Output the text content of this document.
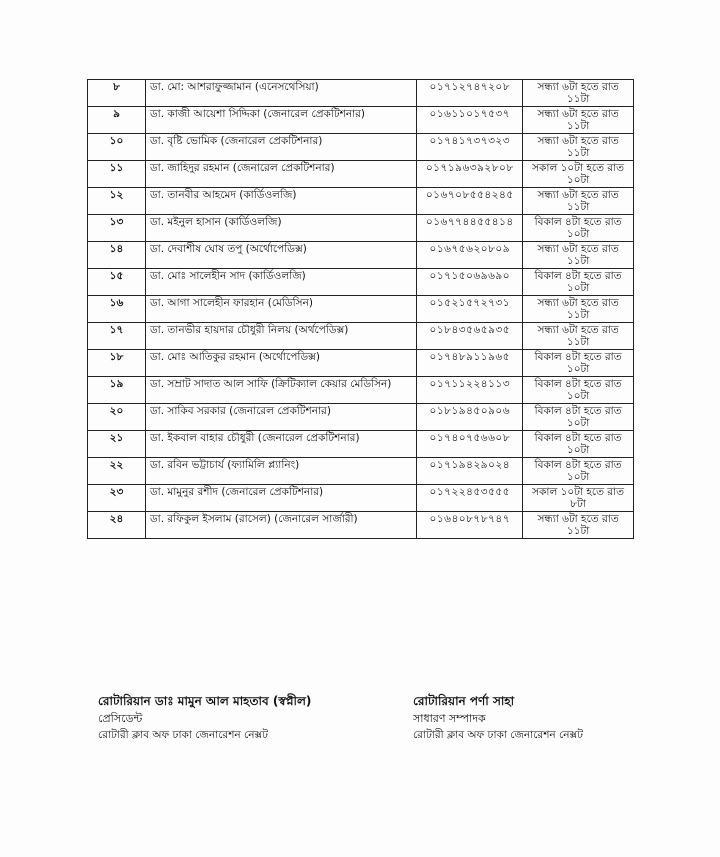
৮	ডা. মো: আশরাফুজ্জামান (এনেসথেসিয়া)	০১৭১২৭৪৭২০৮	সন্ধ্যা ৬টা হতে রাত ১১টা
৯	ডা. কাজী আয়েশা সিদ্দিকা (জেনারেল প্রেকটিশনার)	০১৬১১০১৭৫৩৭	সন্ধ্যা ৬টা হতে রাত ১১টা
১০	ডা. বৃষ্টি ভোমিক (জেনারেল প্রেকটিশনার)	০১৭৪১৭৩৭৩২৩	সন্ধ্যা ৬টা হতে রাত ১১টা
১১	ডা. জাহিদুর রহমান (জেনারেল প্রেকটিশনার)	০১৭১৯৬৩৯২৮০৮	সকাল ১০টা হতে রাত ১০টা
১২	ডা. তানবীর আহমেদ (কার্ডিওলজি)	০১৬৭০৮৫৫৪২৪৫	সন্ধ্যা ৬টা হতে রাত ১১টা
১৩	ডা. মইনুল হাসান (কার্ডিওলজি)	০১৬৭৭৪৪৫৫৪১৪	বিকাল ৪টা হতে রাত ১০টা
১৪	ডা. দেবাশীষ ঘোষ তপু (অর্থোপেডিক্স)	০১৬৭৫৬২০৮০৯	সন্ধ্যা ৬টা হতে রাত ১১টা
১৫	ডা. মোঃ সালেহীন সাদ (কার্ডিওলজি)	০১৭১৫০৬৯৬৯০	বিকাল ৪টা হতে রাত ১০টা
১৬	ডা. আগা সালেহীন ফারহান (মেডিসিন)	০১৫২১৫৭২৭৩১	সন্ধ্যা ৬টা হতে রাত ১১টা
১৭	ডা. তানভীর হায়দার চৌধুরী নিলয় (অর্থপেডিক্স)	০১৮৪৩৫৬৫৯৩৫	সন্ধ্যা ৬টা হতে রাত ১১টা
১৮	ডা. মোঃ আতিকুর রহমান (অর্থোপেডিক্স)	০১৭৪৮৯১১৯৬৫	বিকাল ৪টা হতে রাত ১০টা
১৯	ডা. সম্রাট সাদাত আল সাফি (ক্রিটিক্যাল কেয়ার মেডিসিন)	০১৭১১২২৪১১৩	বিকাল ৪টা হতে রাত ১০টা
২০	ডা. সাকিব সরকার (জেনারেল প্রেকটিশনার)	০১৮১৯৪৫০৯০৬	বিকাল ৪টা হতে রাত ১০টা
২১	ডা. ইকবাল বাহার চৌধুরী (জেনারেল প্রেকটিশনার)	০১৭৪০৭৫৬৬০৮	বিকাল ৪টা হতে রাত ১০টা
২২	ডা. রবিন ভট্টাচার্য (ফ্যামিলি প্ল্যানিং)	০১৭১৯৪২৯০২৪	বিকাল ৪টা হতে রাত ১০টা
২৩	ডা. মামুনুর রশীদ (জেনারেল প্রেকটিশনার)	০১৭২২৪৫৩৫৫৫	সকাল ১০টা হতে রাত ৮টা
২৪	ডা. রফিকুল ইসলাম (রাসেল) (জেনারেল সার্জারী)	০১৬৪০৮৭৮৭৪৭	সন্ধ্যা ৬টা হতে রাত ১১টা
রোটারিয়ান ডাঃ মামুন আল মাহতাব (স্বপ্নীল)
প্রেসিডেন্ট
রোটারী ক্লাব অফ ঢাকা জেনারেশন নেক্সট
রোটারিয়ান পর্ণা সাহা
সাধারণ সম্পাদক
রোটারী ক্লাব অফ ঢাকা জেনারেশন নেক্সট
